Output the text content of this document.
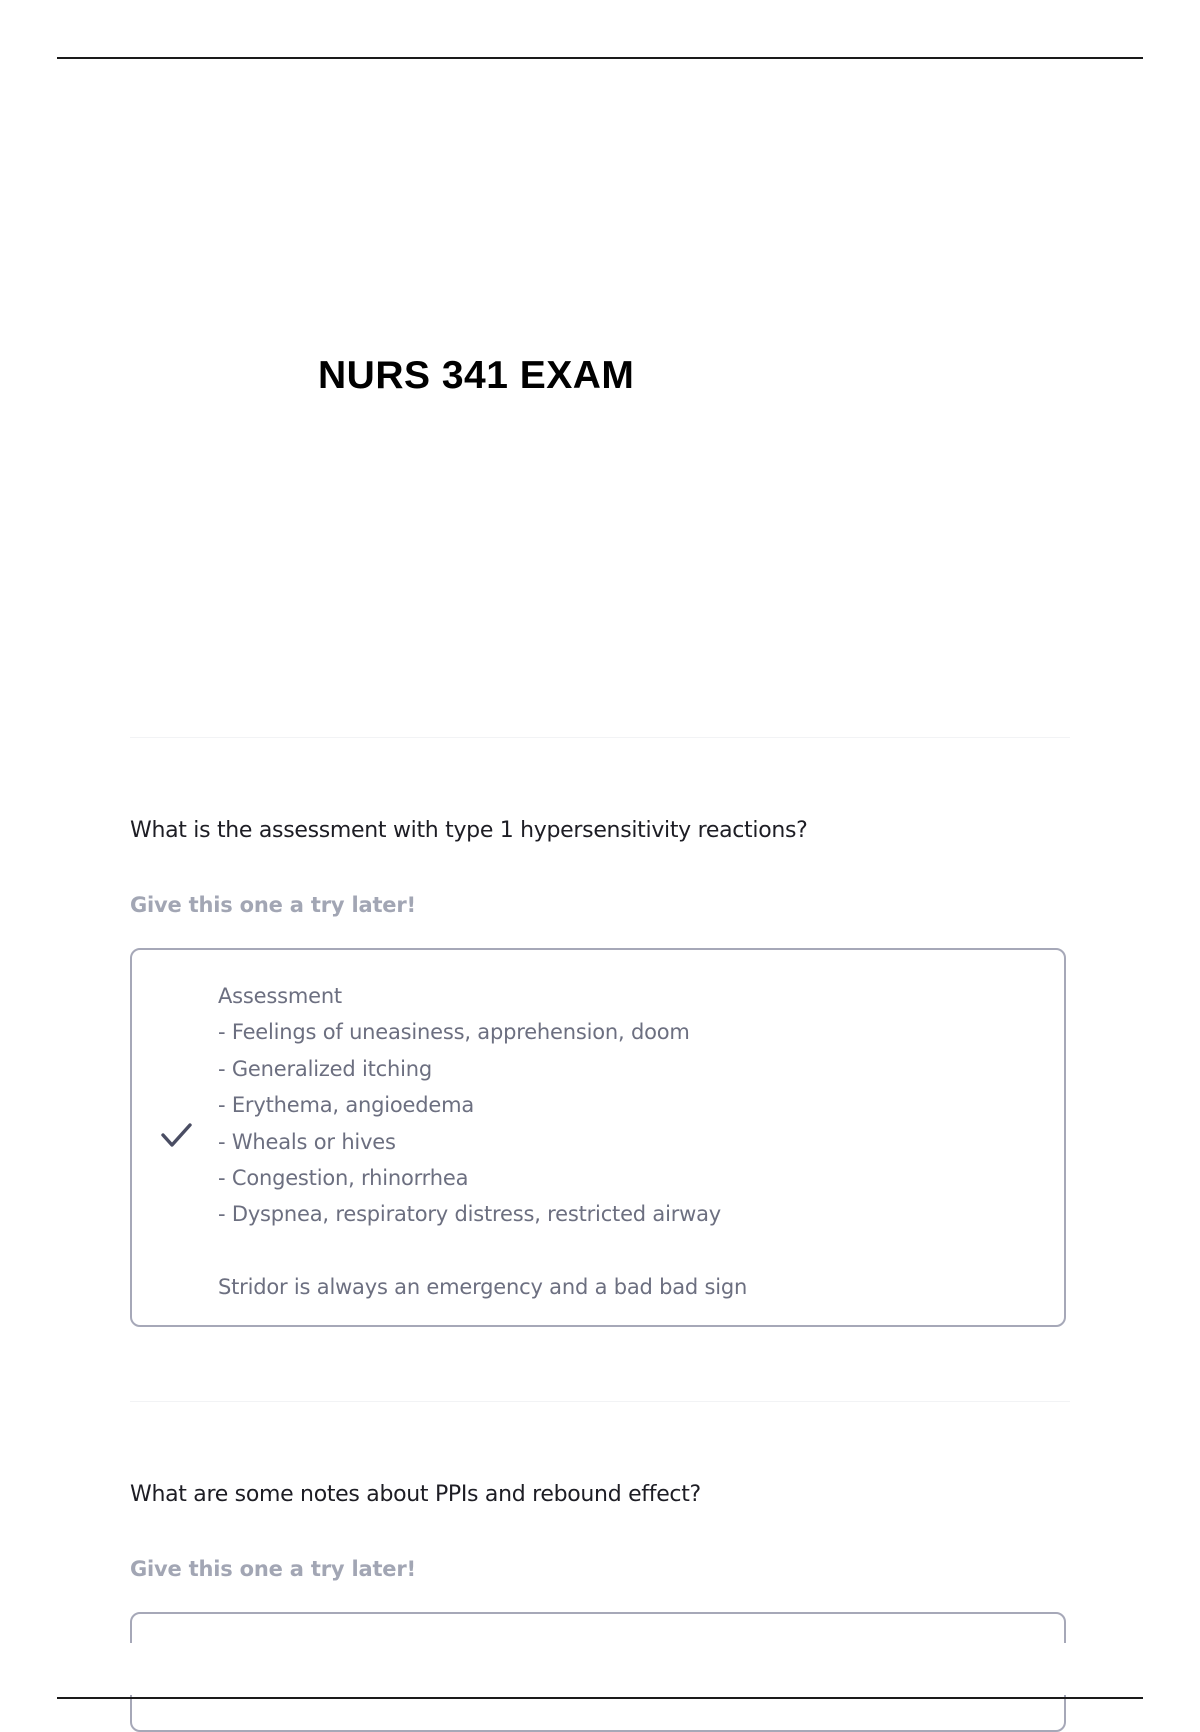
NURS 341 EXAM
What is the assessment with type 1 hypersensitivity reactions?
Give this one a try later!
Assessment
- Feelings of uneasiness, apprehension, doom
- Generalized itching
- Erythema, angioedema
- Wheals or hives
- Congestion, rhinorrhea
- Dyspnea, respiratory distress, restricted airway
Stridor is always an emergency and a bad bad sign
What are some notes about PPIs and rebound effect?
Give this one a try later!
